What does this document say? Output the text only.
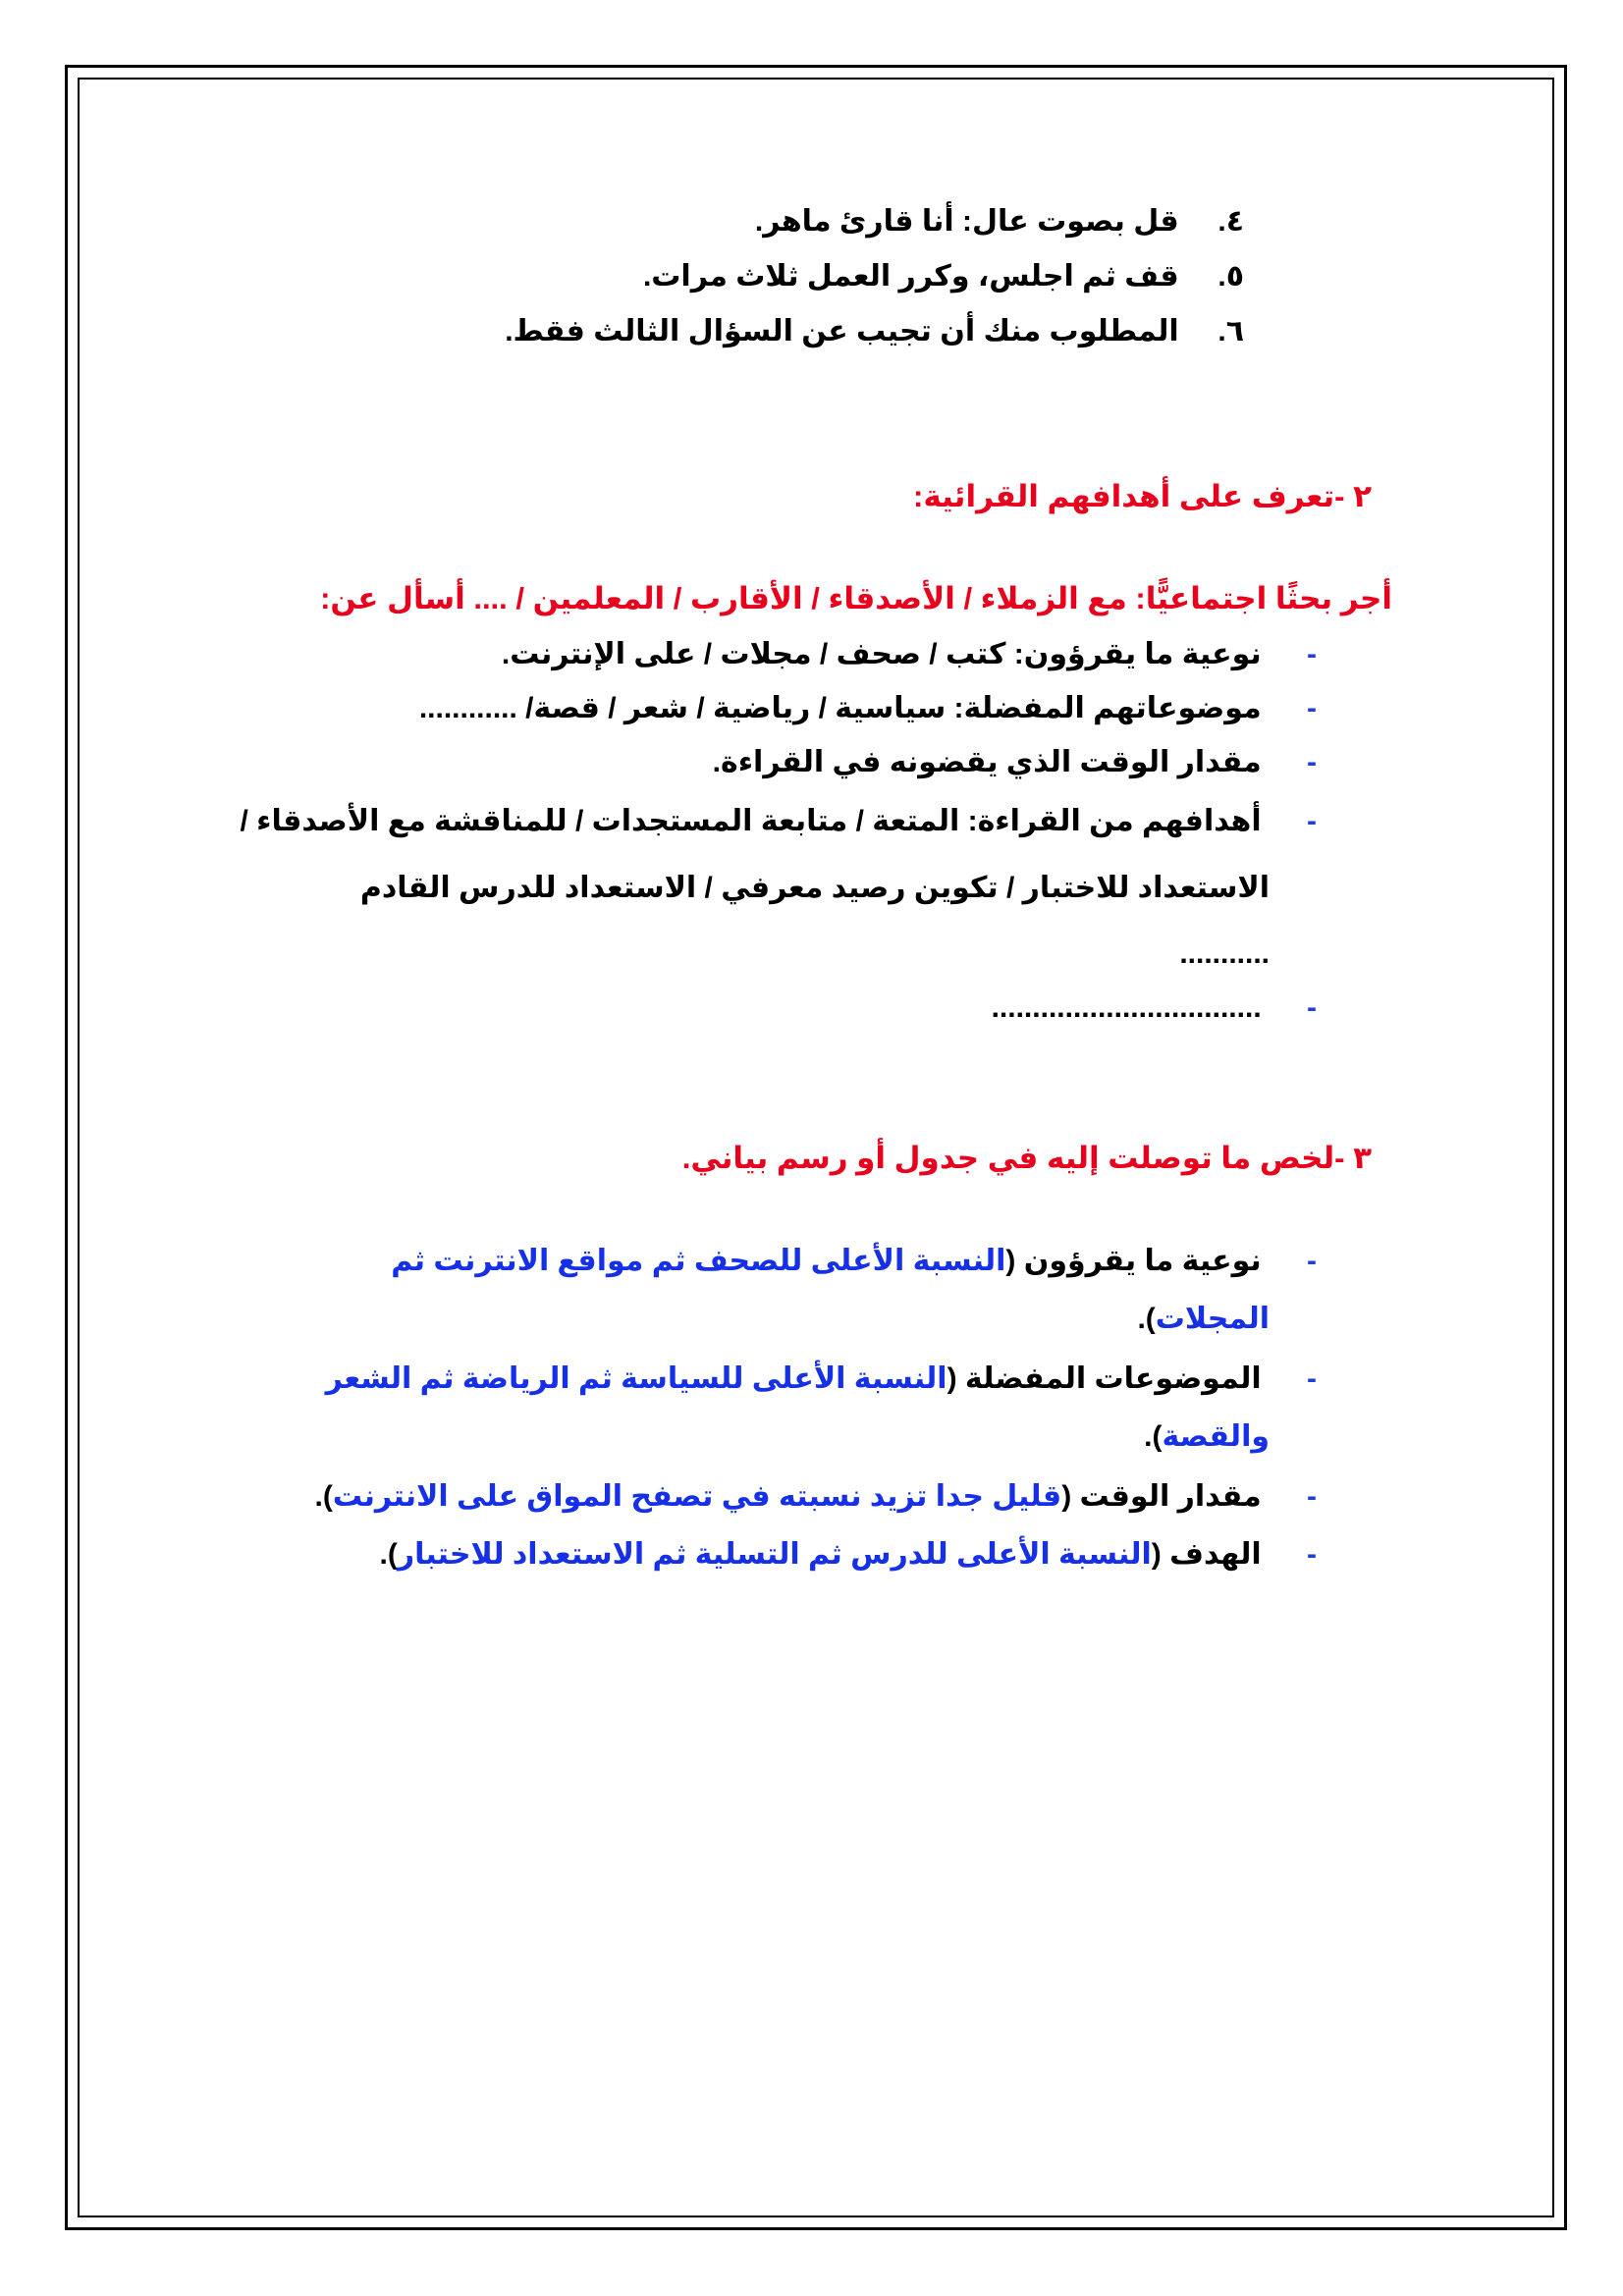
٤. قل بصوت عال: أنا قارئ ماهر.
٥. قف ثم اجلس، وكرر العمل ثلاث مرات.
٦. المطلوب منك أن تجيب عن السؤال الثالث فقط.
٢ -تعرف على أهدافهم القرائية:
أجر بحثًا اجتماعيًّا: مع الزملاء / الأصدقاء / الأقارب / المعلمين / .... أسأل عن:
- نوعية ما يقرؤون: كتب / صحف / مجلات / على الإنترنت.
- موضوعاتهم المفضلة: سياسية / رياضية / شعر / قصة/ ............
- مقدار الوقت الذي يقضونه في القراءة.
- أهدافهم من القراءة: المتعة / متابعة المستجدات / للمناقشة مع الأصدقاء /
الاستعداد للاختبار / تكوين رصيد معرفي / الاستعداد للدرس القادم
...........
- .................................
٣ -لخص ما توصلت إليه في جدول أو رسم بياني.
- نوعية ما يقرؤون (النسبة الأعلى للصحف ثم مواقع الانترنت ثم
المجلات).
- الموضوعات المفضلة (النسبة الأعلى للسياسة ثم الرياضة ثم الشعر
والقصة).
- مقدار الوقت (قليل جدا تزيد نسبته في تصفح المواق على الانترنت).
- الهدف (النسبة الأعلى للدرس ثم التسلية ثم الاستعداد للاختبار).
